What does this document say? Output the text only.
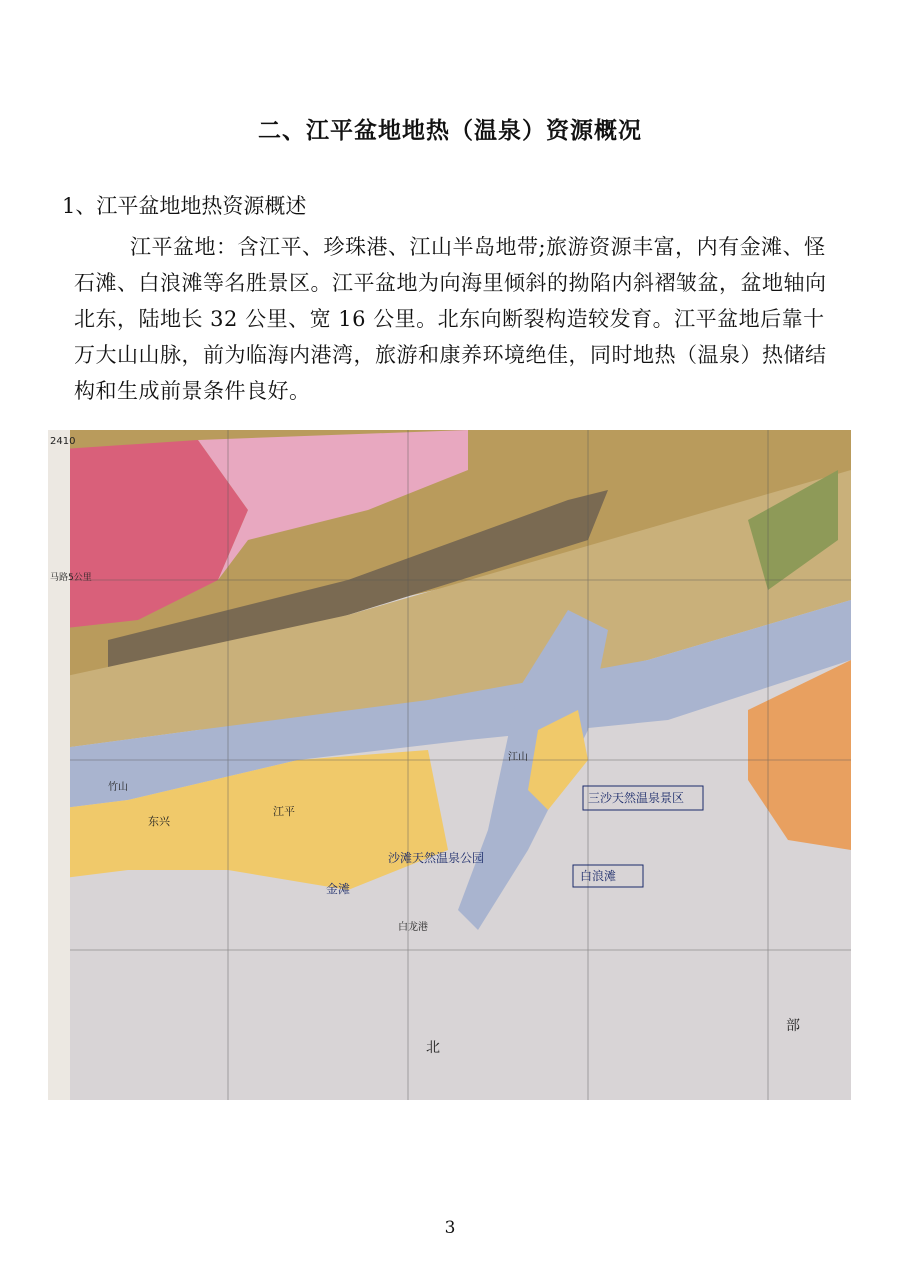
二、江平盆地地热（温泉）资源概况
1、江平盆地地热资源概述
江平盆地：含江平、珍珠港、江山半岛地带;旅游资源丰富，内有金滩、怪石滩、白浪滩等名胜景区。江平盆地为向海里倾斜的拗陷内斜褶皱盆，盆地轴向北东，陆地长 32 公里、宽 16 公里。北东向断裂构造较发育。江平盆地后靠十万大山山脉，前为临海内港湾，旅游和康养环境绝佳，同时地热（温泉）热储结构和生成前景条件良好。
2410
马路5公里
江平
东兴
白龙港
竹山
江山
北
部
三沙天然温泉景区
沙滩天然温泉公园
白浪滩
金滩
3
